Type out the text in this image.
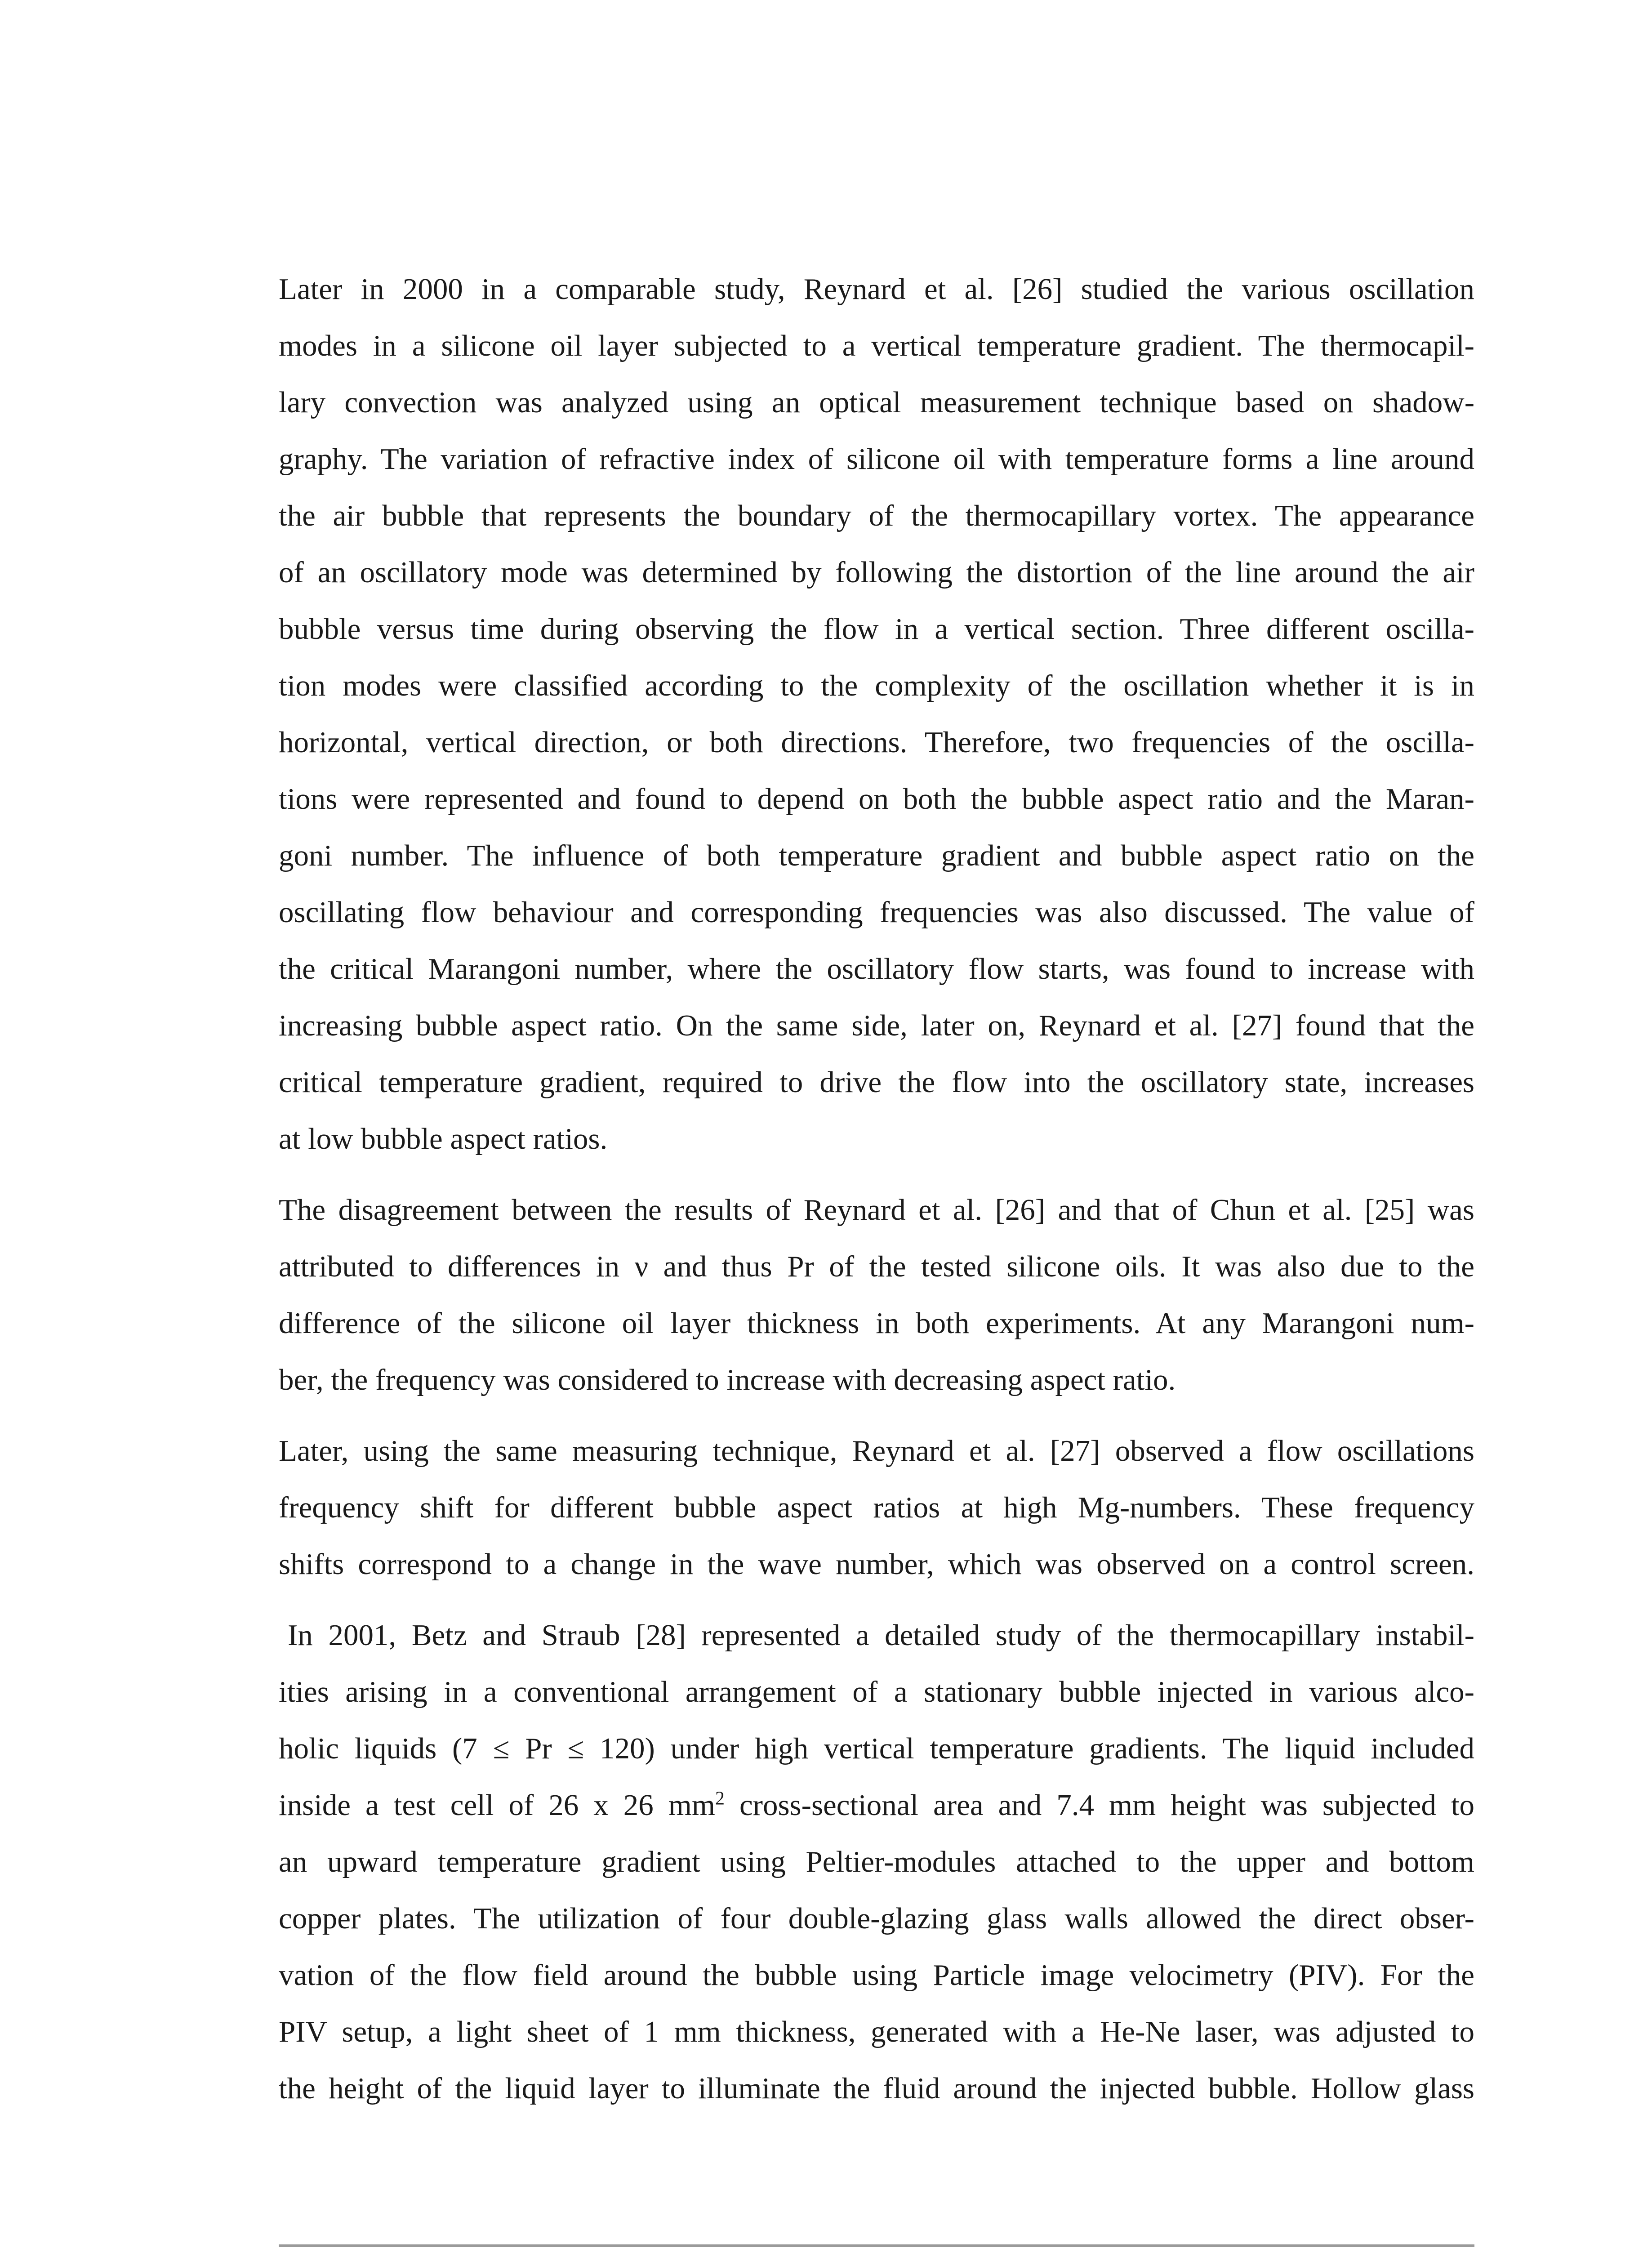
Later in 2000 in a comparable study, Reynard et al. [26] studied the various oscillation
modes in a silicone oil layer subjected to a vertical temperature gradient. The thermocapil-
lary convection was analyzed using an optical measurement technique based on shadow-
graphy. The variation of refractive index of silicone oil with temperature forms a line around
the air bubble that represents the boundary of the thermocapillary vortex. The appearance
of an oscillatory mode was determined by following the distortion of the line around the air
bubble versus time during observing the flow in a vertical section. Three different oscilla-
tion modes were classified according to the complexity of the oscillation whether it is in
horizontal, vertical direction, or both directions. Therefore, two frequencies of the oscilla-
tions were represented and found to depend on both the bubble aspect ratio and the Maran-
goni number. The influence of both temperature gradient and bubble aspect ratio on the
oscillating flow behaviour and corresponding frequencies was also discussed. The value of
the critical Marangoni number, where the oscillatory flow starts, was found to increase with
increasing bubble aspect ratio. On the same side, later on, Reynard et al. [27] found that the
critical temperature gradient, required to drive the flow into the oscillatory state, increases
at low bubble aspect ratios.
The disagreement between the results of Reynard et al. [26] and that of Chun et al. [25] was
attributed to differences in ν and thus Pr of the tested silicone oils. It was also due to the
difference of the silicone oil layer thickness in both experiments. At any Marangoni num-
ber, the frequency was considered to increase with decreasing aspect ratio.
Later, using the same measuring technique, Reynard et al. [27] observed a flow oscillations
frequency shift for different bubble aspect ratios at high Mg-numbers. These frequency
shifts correspond to a change in the wave number, which was observed on a control screen.
In 2001, Betz and Straub [28] represented a detailed study of the thermocapillary instabil-
ities arising in a conventional arrangement of a stationary bubble injected in various alco-
holic liquids (7 ≤ Pr ≤ 120) under high vertical temperature gradients. The liquid included
inside a test cell of 26 x 26 $mm^2$ cross-sectional area and 7.4 mm height was subjected to
an upward temperature gradient using Peltier-modules attached to the upper and bottom
copper plates. The utilization of four double-glazing glass walls allowed the direct obser-
vation of the flow field around the bubble using Particle image velocimetry (PIV). For the
PIV setup, a light sheet of 1 mm thickness, generated with a He-Ne laser, was adjusted to
the height of the liquid layer to illuminate the fluid around the injected bubble. Hollow glass
